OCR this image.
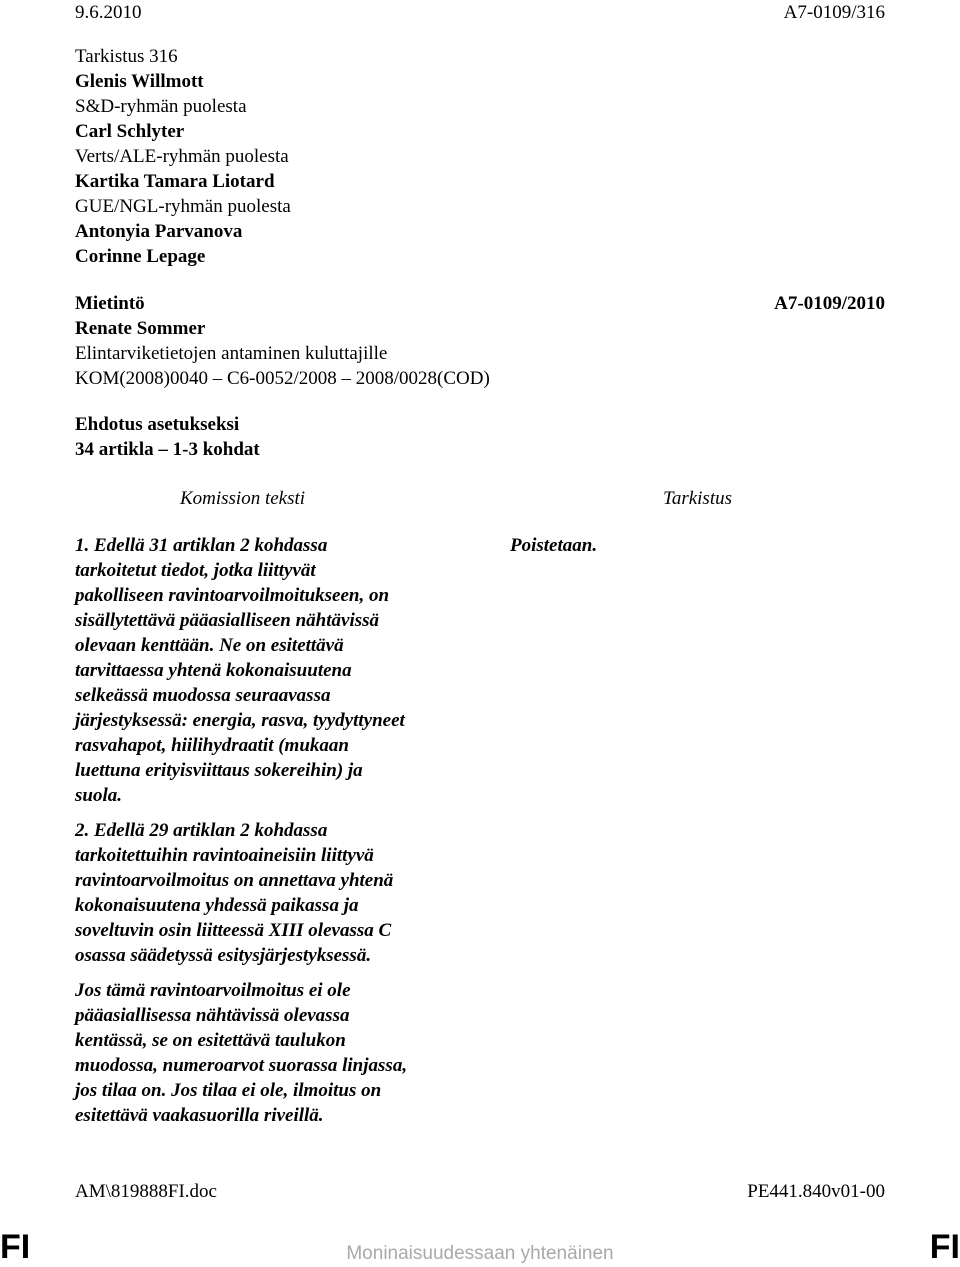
9.6.2010	A7-0109/316
Tarkistus 316
Glenis Willmott
S&D-ryhmän puolesta
Carl Schlyter
Verts/ALE-ryhmän puolesta
Kartika Tamara Liotard
GUE/NGL-ryhmän puolesta
Antonyia Parvanova
Corinne Lepage
Mietintö	A7-0109/2010
Renate Sommer
Elintarviketietojen antaminen kuluttajille
KOM(2008)0040 – C6-0052/2008 – 2008/0028(COD)
Ehdotus asetukseksi
34 artikla – 1-3 kohdat
Komission teksti	Tarkistus
1. Edellä 31 artiklan 2 kohdassa
tarkoitetut tiedot, jotka liittyvät
pakolliseen ravintoarvoilmoitukseen, on
sisällytettävä pääasialliseen nähtävissä
olevaan kenttään. Ne on esitettävä
tarvittaessa yhtenä kokonaisuutena
selkeässä muodossa seuraavassa
järjestyksessä: energia, rasva, tyydyttyneet
rasvahapot, hiilihydraatit (mukaan
luettuna erityisviittaus sokereihin) ja
suola.
2. Edellä 29 artiklan 2 kohdassa
tarkoitettuihin ravintoaineisiin liittyvä
ravintoarvoilmoitus on annettava yhtenä
kokonaisuutena yhdessä paikassa ja
soveltuvin osin liitteessä XIII olevassa C
osassa säädetyssä esitysjärjestyksessä.
Jos tämä ravintoarvoilmoitus ei ole
pääasiallisessa nähtävissä olevassa
kentässä, se on esitettävä taulukon
muodossa, numeroarvot suorassa linjassa,
jos tilaa on. Jos tilaa ei ole, ilmoitus on
esitettävä vaakasuorilla riveillä.
Poistetaan.
AM\819888FI.doc	PE441.840v01-00
FI	FI
Moninaisuudessaan yhtenäinen
